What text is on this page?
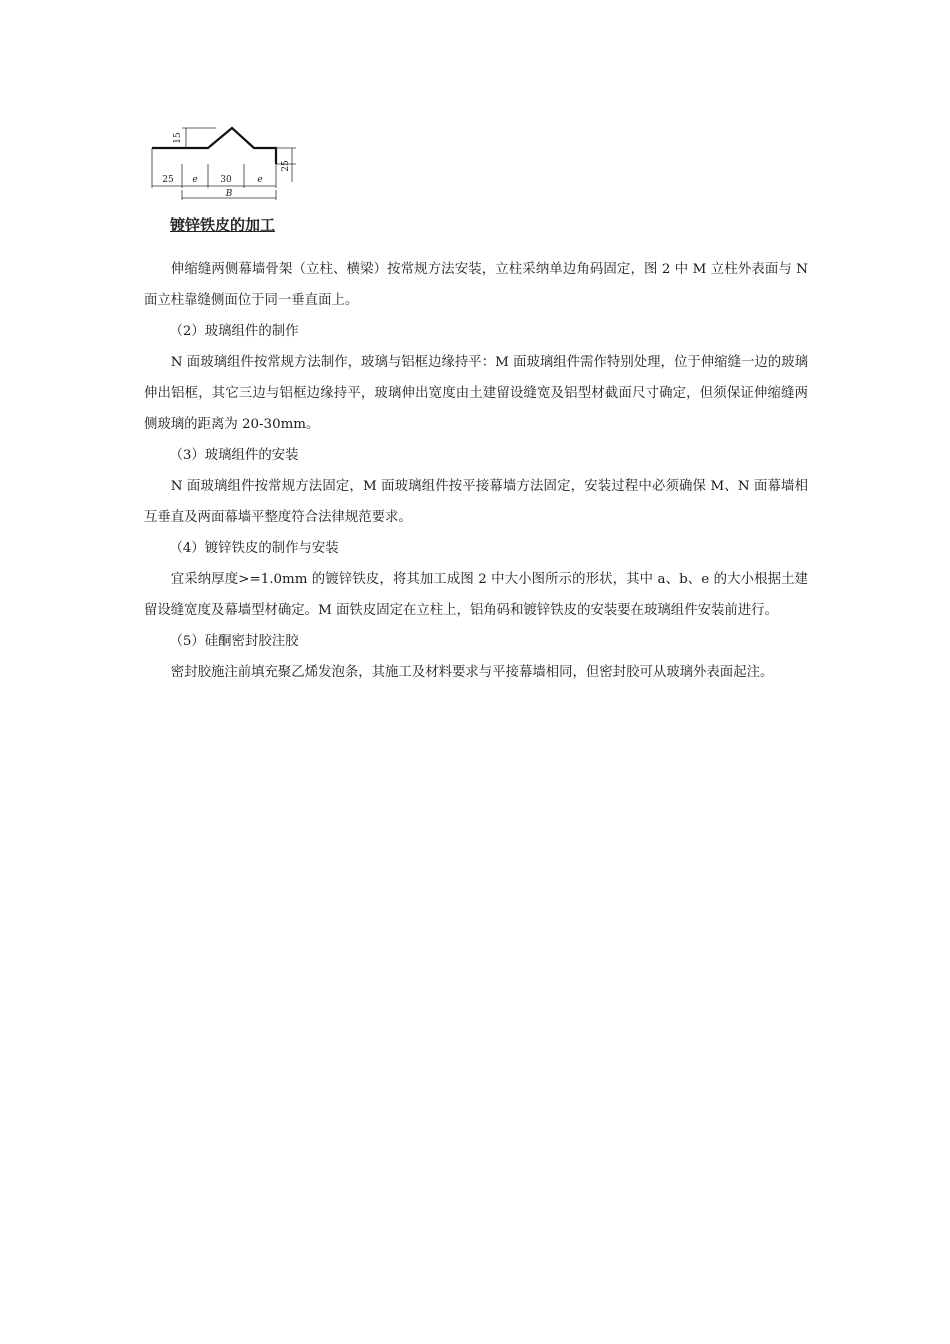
15
25 e	30	e
B
25
镀锌铁皮的加工

伸缩缝两侧幕墙骨架（立柱、横梁）按常规方法安装，立柱采纳单边角码固定，图 2 中 M 立柱外表面与 N 面立柱靠缝侧面位于同一垂直面上。

（2）玻璃组件的制作

N 面玻璃组件按常规方法制作，玻璃与铝框边缘持平：M 面玻璃组件需作特别处理，位于伸缩缝一边的玻璃伸出铝框，其它三边与铝框边缘持平，玻璃伸出宽度由土建留设缝宽及铝型材截面尺寸确定，但须保证伸缩缝两侧玻璃的距离为 20-30mm。

（3）玻璃组件的安装

N 面玻璃组件按常规方法固定，M 面玻璃组件按平接幕墙方法固定，安装过程中必须确保 M、N 面幕墙相互垂直及两面幕墙平整度符合法律规范要求。

（4）镀锌铁皮的制作与安装

宜采纳厚度>=1.0mm 的镀锌铁皮，将其加工成图 2 中大小图所示的形状，其中 a、b、e 的大小根据土建留设缝宽度及幕墙型材确定。M 面铁皮固定在立柱上，铝角码和镀锌铁皮的安装要在玻璃组件安装前进行。

（5）硅酮密封胶注胶

密封胶施注前填充聚乙烯发泡条，其施工及材料要求与平接幕墙相同，但密封胶可从玻璃外表面起注。
